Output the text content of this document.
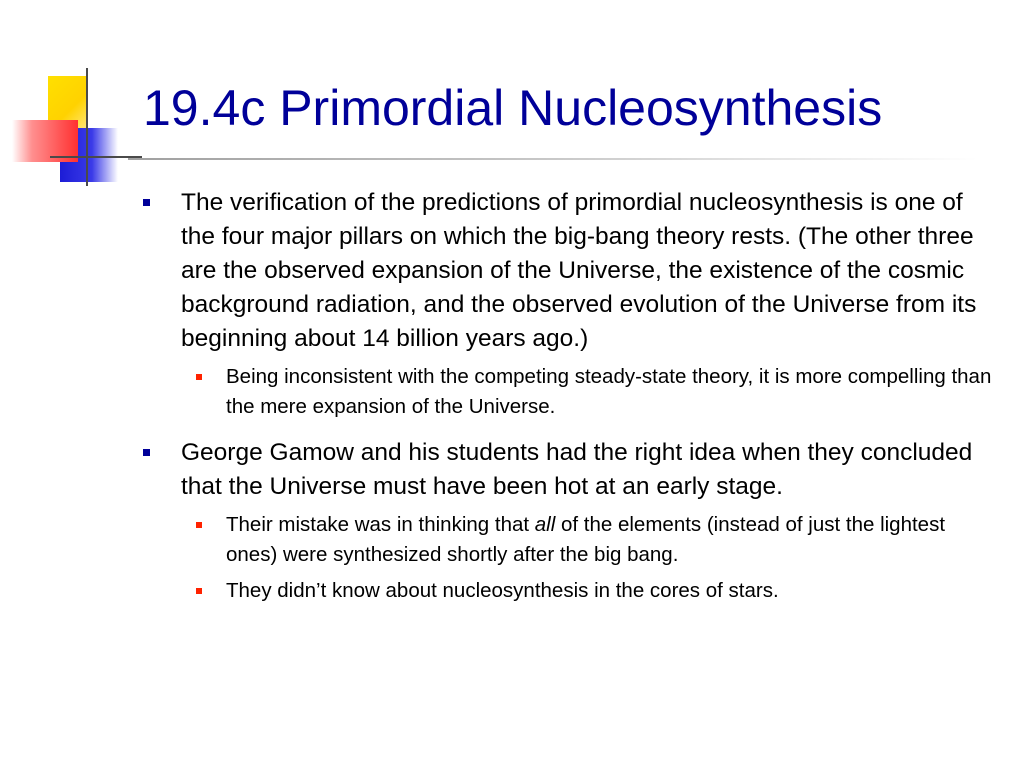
19.4c Primordial Nucleosynthesis
The verification of the predictions of primordial nucleosynthesis is one of the four major pillars on which the big-bang theory rests. (The other three are the observed expansion of the Universe, the existence of the cosmic background radiation, and the observed evolution of the Universe from its beginning about 14 billion years ago.)
Being inconsistent with the competing steady-state theory, it is more compelling than the mere expansion of the Universe.
George Gamow and his students had the right idea when they concluded that the Universe must have been hot at an early stage.
Their mistake was in thinking that all of the elements (instead of just the lightest ones) were synthesized shortly after the big bang.
They didn’t know about nucleosynthesis in the cores of stars.
